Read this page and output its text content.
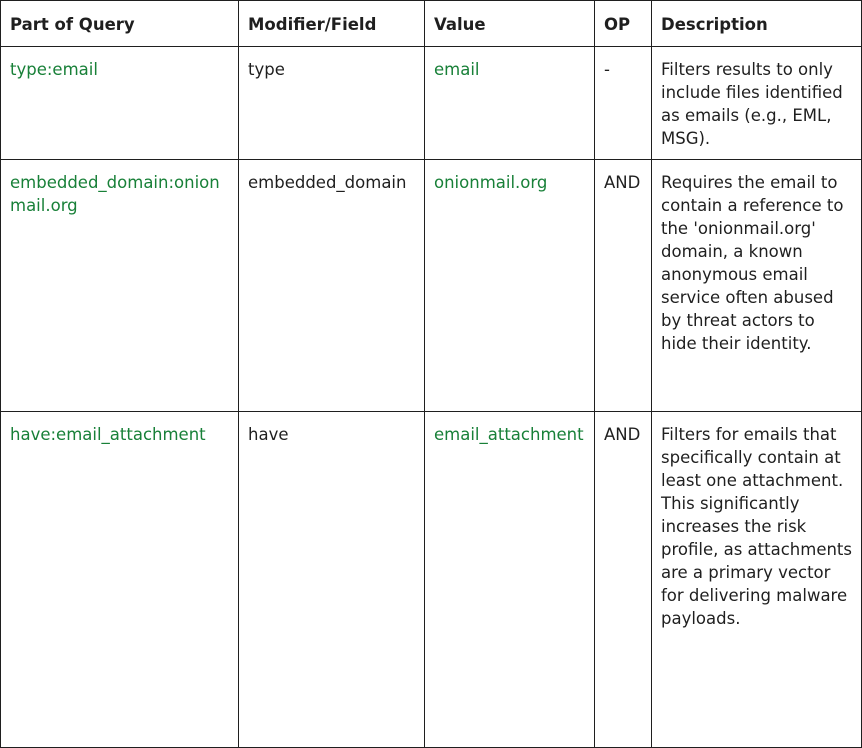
Part of Query	Modifier/Field	Value	OP	Description
type:email	type	email	-	Filters results to only include files identified as emails (e.g., EML, MSG).
embedded_domain:onionmail.org	embedded_domain	onionmail.org	AND	Requires the email to contain a reference to the 'onionmail.org' domain, a known anonymous email service often abused by threat actors to hide their identity.
have:email_attachment	have	email_attachment	AND	Filters for emails that specifically contain at least one attachment. This significantly increases the risk profile, as attachments are a primary vector for delivering malware payloads.
